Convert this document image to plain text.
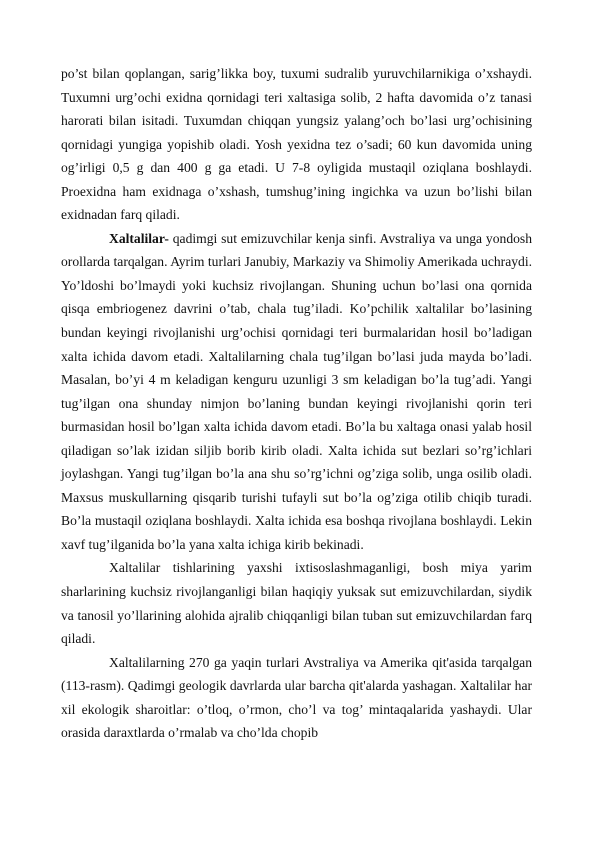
po’st bilan qoplangan, sarig’likka boy, tuxumi sudralib yuruvchilarnikiga o’xshaydi. Tuxumni urg’ochi exidna qornidagi teri xaltasiga solib, 2 hafta davomida o’z tanasi harorati bilan isitadi. Tuxumdan chiqqan yungsiz yalang’och bo’lasi urg’ochisining qornidagi yungiga yopishib oladi. Yosh yexidna tez o’sadi; 60 kun davomida uning og’irligi 0,5 g dan 400 g ga etadi. U 7-8 oyligida mustaqil oziqlana boshlaydi. Proexidna ham exidnaga o’xshash, tumshug’ining ingichka va uzun bo’lishi bilan exidnadan farq qiladi.

Xaltalilar- qadimgi sut emizuvchilar kenja sinfi. Avstraliya va unga yondosh orollarda tarqalgan. Ayrim turlari Janubiy, Markaziy va Shimoliy Amerikada uchraydi. Yo’ldoshi bo’lmaydi yoki kuchsiz rivojlangan. Shuning uchun bo’lasi ona qornida qisqa embriogenez davrini o’tab, chala tug’iladi. Ko’pchilik xaltalilar bo’lasining bundan keyingi rivojlanishi urg’ochisi qornidagi teri burmalaridan hosil bo’ladigan xalta ichida davom etadi. Xaltalilarning chala tug’ilgan bo’lasi juda mayda bo’ladi. Masalan, bo’yi 4 m keladigan kenguru uzunligi 3 sm keladigan bo’la tug’adi. Yangi tug’ilgan ona shunday nimjon bo’laning bundan keyingi rivojlanishi qorin teri burmasidan hosil bo’lgan xalta ichida davom etadi. Bo’la bu xaltaga onasi yalab hosil qiladigan so’lak izidan siljib borib kirib oladi. Xalta ichida sut bezlari so’rg’ichlari joylashgan. Yangi tug’ilgan bo’la ana shu so’rg’ichni og’ziga solib, unga osilib oladi. Maxsus muskullarning qisqarib turishi tufayli sut bo’la og’ziga otilib chiqib turadi. Bo’la mustaqil oziqlana boshlaydi. Xalta ichida esa boshqa rivojlana boshlaydi. Lekin xavf tug’ilganida bo’la yana xalta ichiga kirib bekinadi.

Xaltalilar tishlarining yaxshi ixtisoslashmaganligi, bosh miya yarim sharlarining kuchsiz rivojlanganligi bilan haqiqiy yuksak sut emizuvchilardan, siydik va tanosil yo’llarining alohida ajralib chiqqanligi bilan tuban sut emizuvchilardan farq qiladi.

Xaltalilarning 270 ga yaqin turlari Avstraliya va Amerika qit'asida tarqalgan (113-rasm). Qadimgi geologik davrlarda ular barcha qit'alarda yashagan. Xaltalilar har xil ekologik sharoitlar: o’tloq, o’rmon, cho’l va tog’ mintaqalarida yashaydi. Ular orasida daraxtlarda o’rmalab va cho’lda chopib
